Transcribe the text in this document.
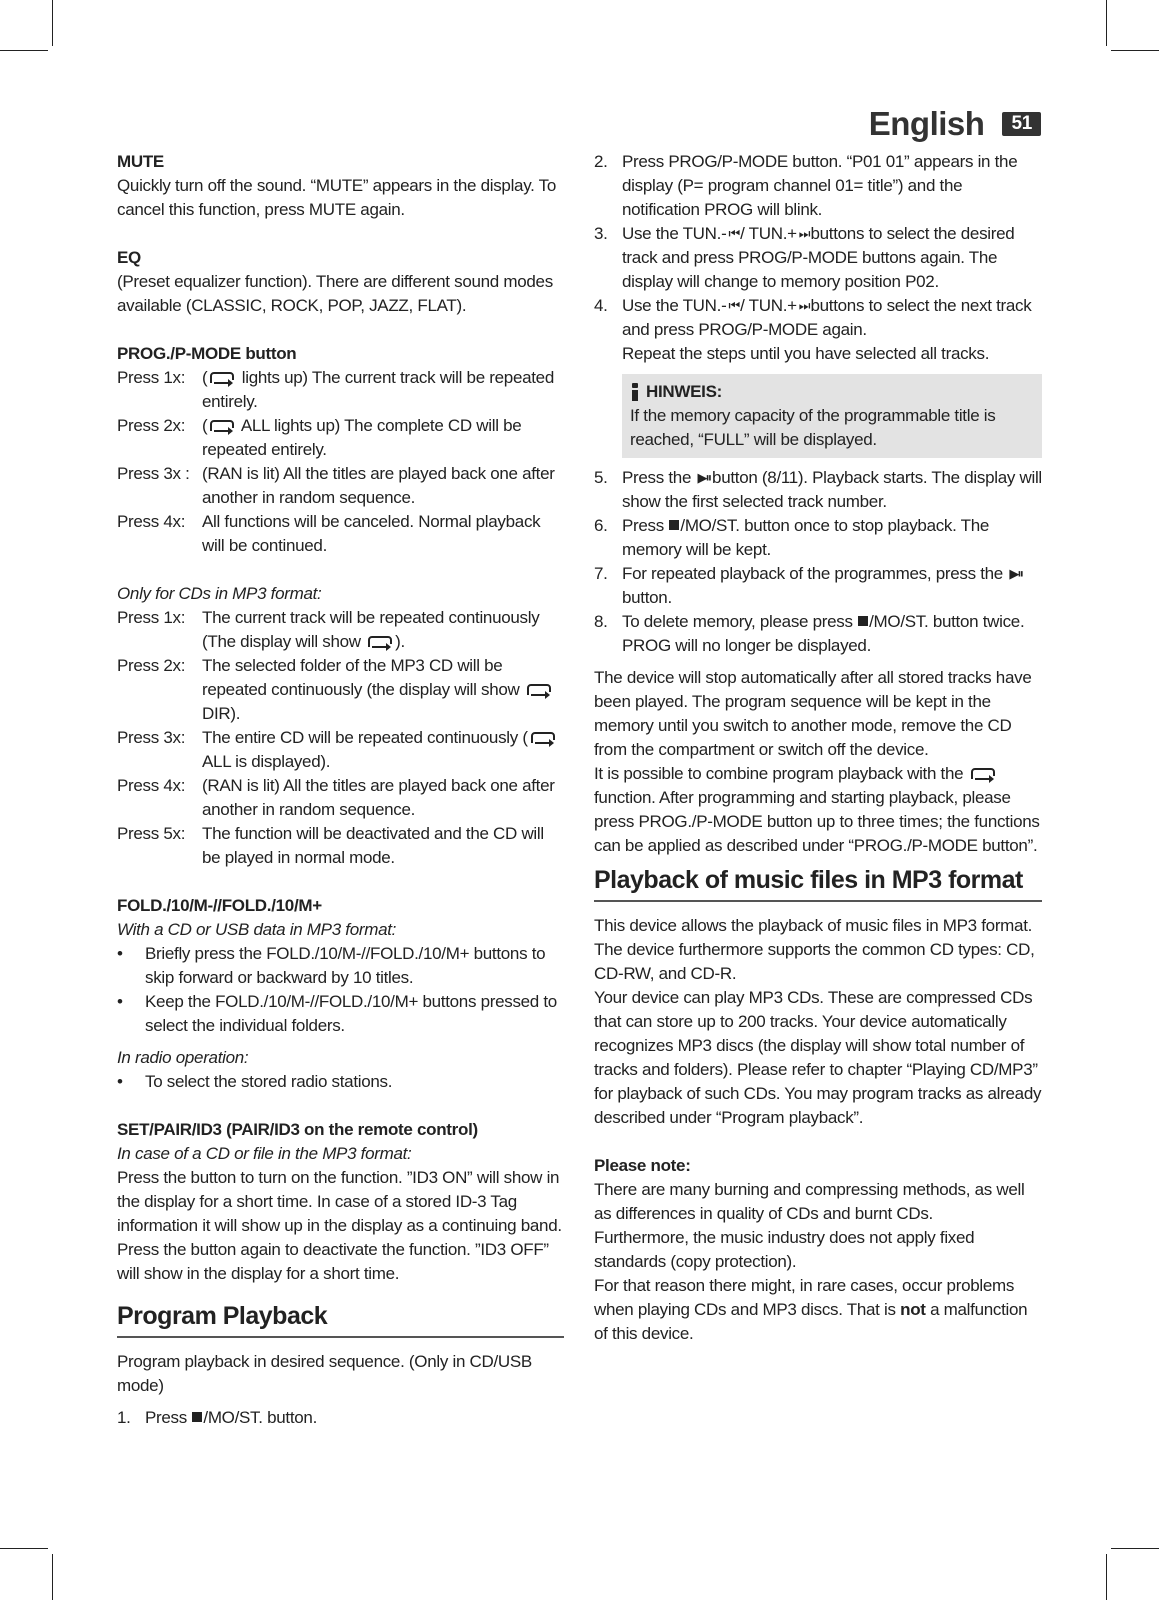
English	51

MUTE

Quickly turn off the sound. “MUTE” appears in the display. To cancel this function, press MUTE again.

EQ

(Preset equalizer function). There are different sound modes available (CLASSIC, ROCK, POP, JAZZ, FLAT).

PROG./P-MODE button

Press 1x: ( lights up) The current track will be repeated entirely.
Press 2x: ( ALL lights up) The complete CD will be repeated entirely.
Press 3x : (RAN is lit) All the titles are played back one after another in random sequence.
Press 4x: All functions will be canceled. Normal playback will be continued.

Only for CDs in MP3 format:

Press 1x: The current track will be repeated continuously (The display will show ).
Press 2x: The selected folder of the MP3 CD will be repeated continuously (the display will show  DIR).
Press 3x: The entire CD will be repeated continuously ( ALL is displayed).
Press 4x: (RAN is lit) All the titles are played back one after another in random sequence.
Press 5x: The function will be deactivated and the CD will be played in normal mode.

FOLD./10/M-//FOLD./10/M+

With a CD or USB data in MP3 format:

•	Briefly press the FOLD./10/M-//FOLD./10/M+ buttons to skip forward or backward by 10 titles.
•	Keep the FOLD./10/M-//FOLD./10/M+ buttons pressed to select the individual folders.

In radio operation:

•	To select the stored radio stations.

SET/PAIR/ID3 (PAIR/ID3 on the remote control)

In case of a CD or file in the MP3 format:

Press the button to turn on the function. ”ID3 ON” will show in the display for a short time. In case of a stored ID-3 Tag information it will show up in the display as a continuing band. Press the button again to deactivate the function. ”ID3 OFF” will show in the display for a short time.

Program Playback

Program playback in desired sequence. (Only in CD/USB mode)

1. Press /MO/ST. button.
2. Press PROG/P-MODE button. “P01 01” appears in the display (P= program channel 01= title”) and the notification PROG will blink.
3. Use the TUN.- ⏮ / TUN.+ ⏭ buttons to select the desired track and press PROG/P-MODE buttons again. The display will change to memory position P02.
4. Use the TUN.- ⏮ / TUN.+ ⏭ buttons to select the next track and press PROG/P-MODE again.
Repeat the steps until you have selected all tracks.
HINWEIS:
If the memory capacity of the programmable title is reached, “FULL” will be displayed.
5. Press the ▶⏸ button (8/11). Playback starts. The display will show the first selected track number.
6. Press /MO/ST. button once to stop playback. The memory will be kept.
7. For repeated playback of the programmes, press the ▶⏸ button.
8. To delete memory, please press /MO/ST. button twice. PROG will no longer be displayed.

The device will stop automatically after all stored tracks have been played. The program sequence will be kept in the memory until you switch to another mode, remove the CD from the compartment or switch off the device.

It is possible to combine program playback with the  function. After programming and starting playback, please press PROG./P-MODE button up to three times; the functions can be applied as described under “PROG./P-MODE button”.

Playback of music files in MP3 format

This device allows the playback of music files in MP3 format. The device furthermore supports the common CD types: CD, CD-RW, and CD-R.

Your device can play MP3 CDs. These are compressed CDs that can store up to 200 tracks. Your device automatically recognizes MP3 discs (the display will show total number of tracks and folders). Please refer to chapter “Playing CD/MP3” for playback of such CDs. You may program tracks as already described under “Program playback”.

Please note:

There are many burning and compressing methods, as well as differences in quality of CDs and burnt CDs.

Furthermore, the music industry does not apply fixed standards (copy protection).

For that reason there might, in rare cases, occur problems when playing CDs and MP3 discs. That is not a malfunction of this device.
